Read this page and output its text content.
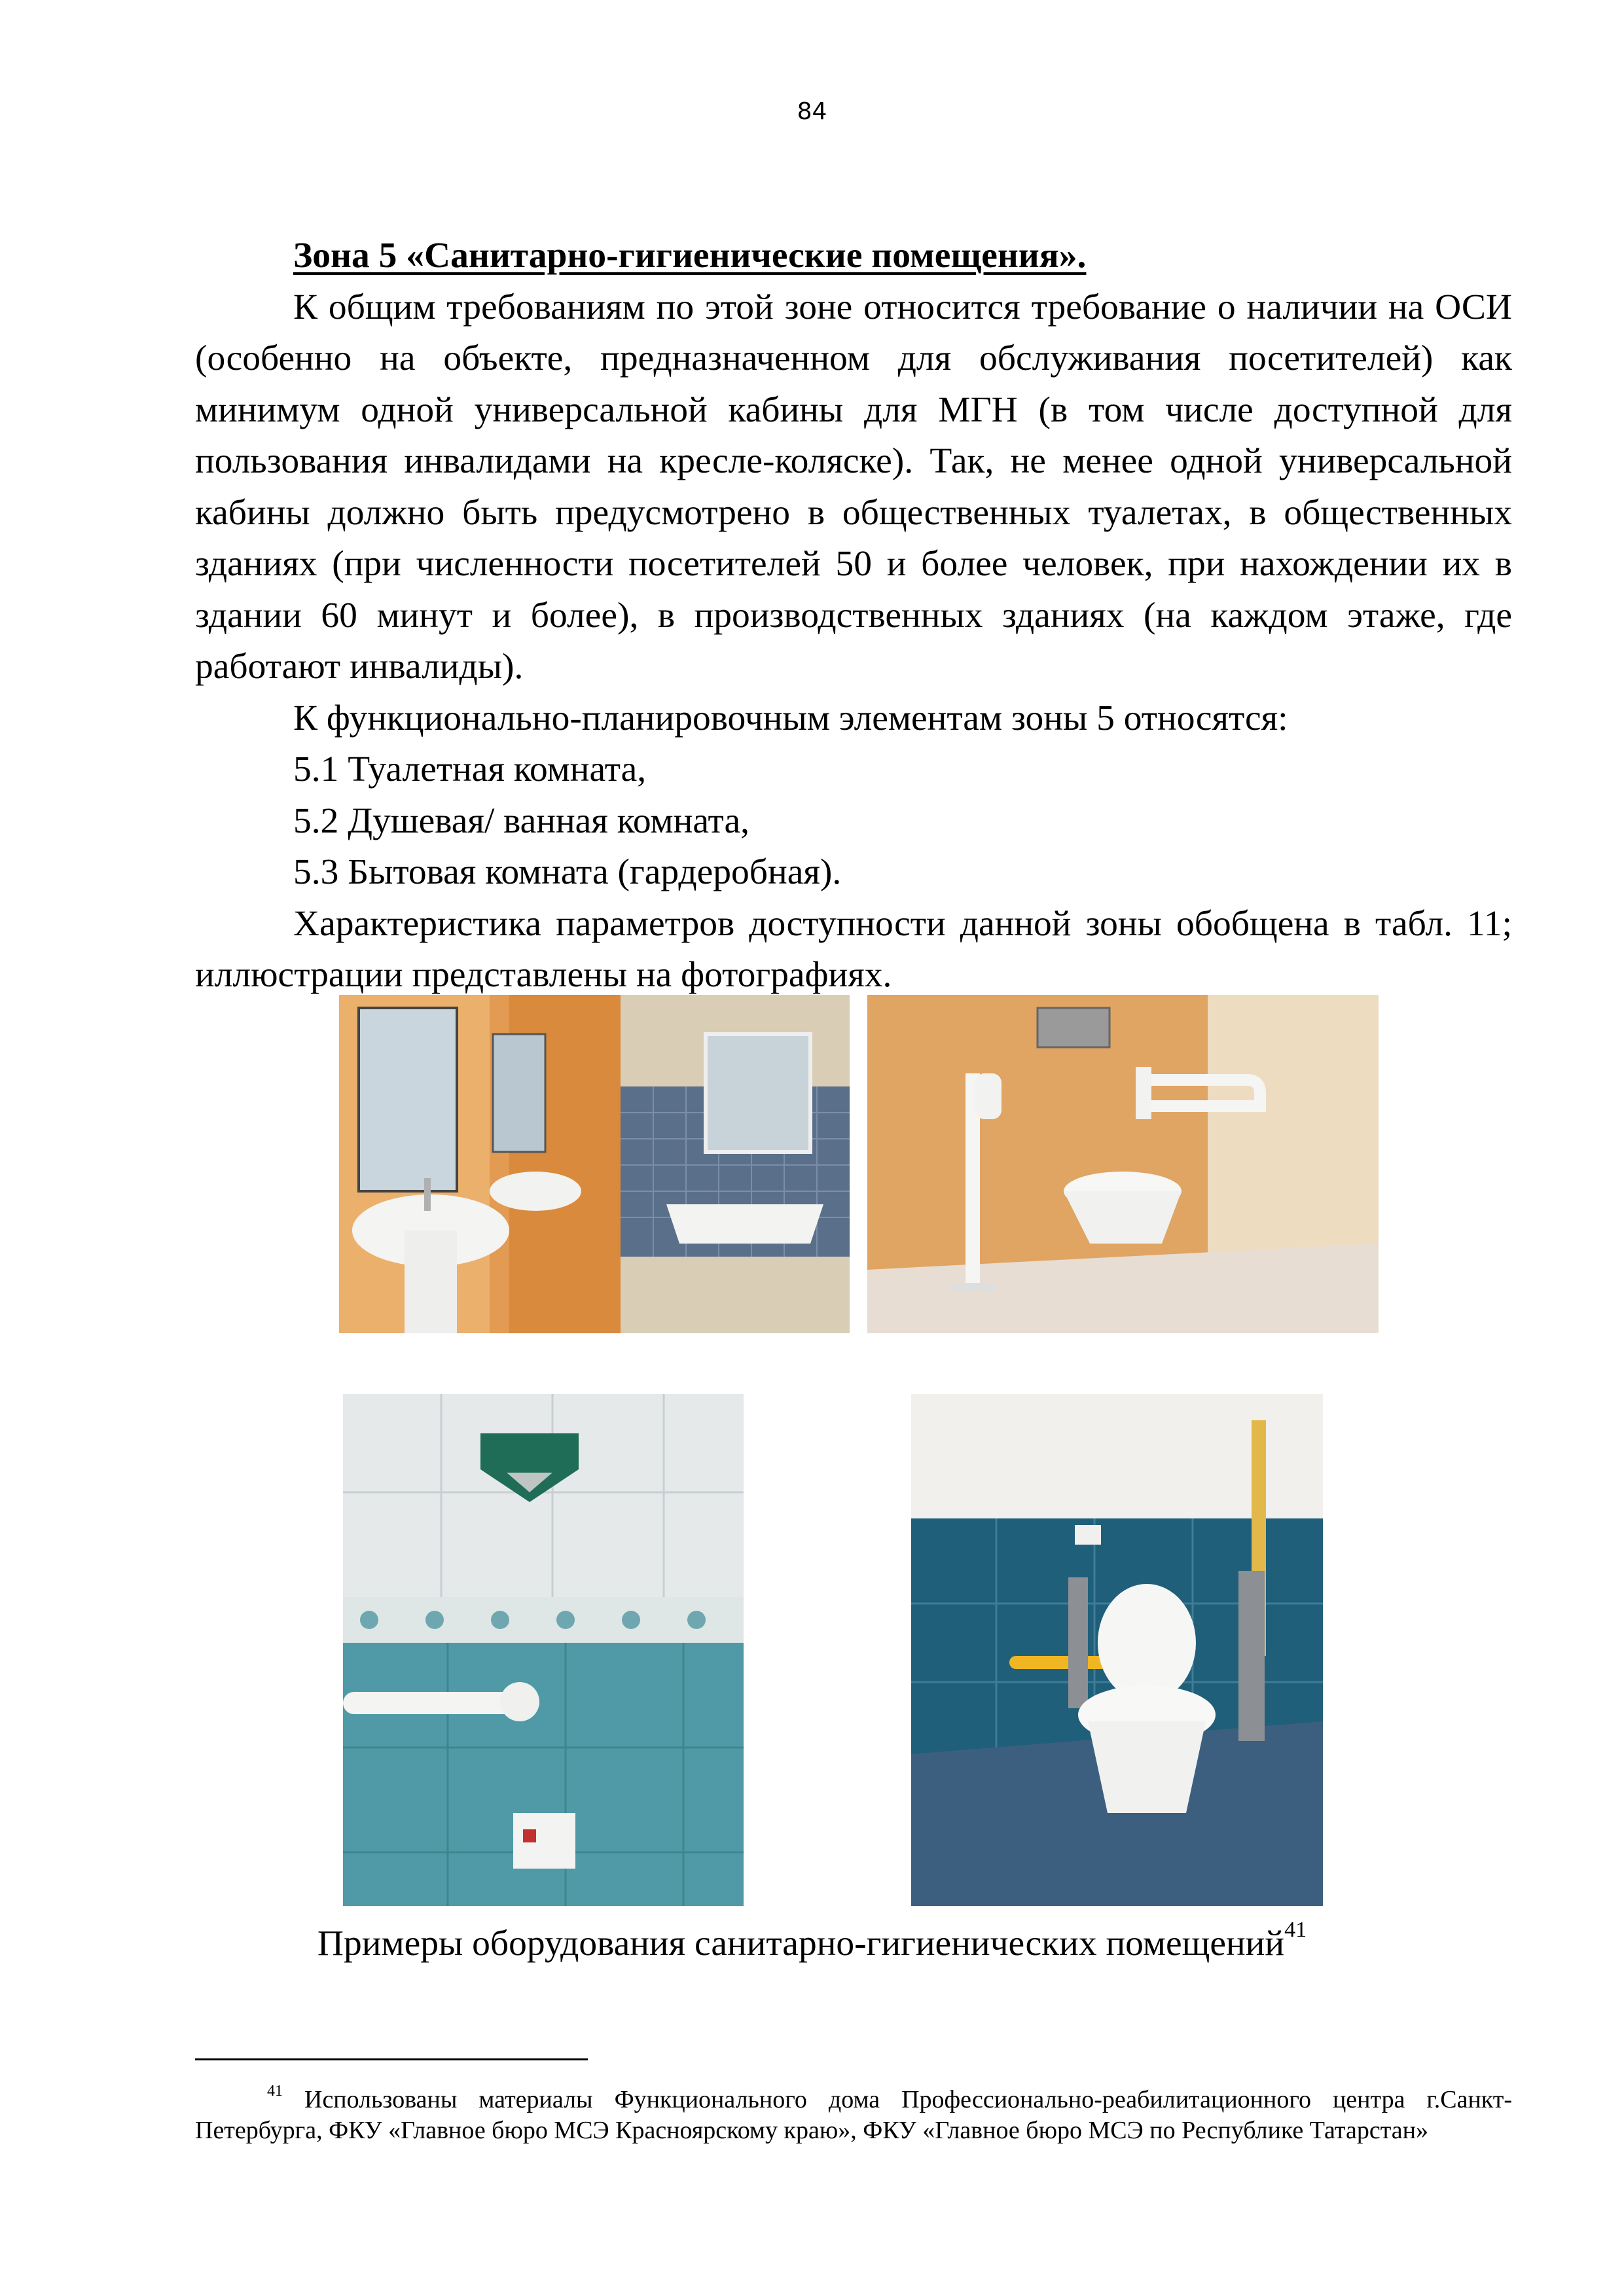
84

Зона 5 «Санитарно-гигиенические помещения».

К общим требованиям по этой зоне относится требование о наличии на ОСИ (особенно на объекте, предназначенном для обслуживания посетителей) как минимум одной универсальной кабины для МГН (в том числе доступной для пользования инвалидами на кресле-коляске). Так, не менее одной универсальной кабины должно быть предусмотрено в общественных туалетах, в общественных зданиях (при численности посетителей 50 и более человек, при нахождении их в здании 60 минут и более), в производственных зданиях (на каждом этаже, где работают инвалиды).

К функционально-планировочным элементам зоны 5 относятся:

5.1 Туалетная комната,

5.2 Душевая/ ванная комната,

5.3 Бытовая комната (гардеробная).

Характеристика параметров доступности данной зоны обобщена в табл. 11; иллюстрации представлены на фотографиях.

Примеры оборудования санитарно-гигиенических помещений$^{41}$
$^{41}$ Использованы материалы Функционального дома Профессионально-реабилитационного центра г.Санкт-Петербурга, ФКУ «Главное бюро МСЭ Красноярскому краю», ФКУ «Главное бюро МСЭ по Республике Татарстан»
